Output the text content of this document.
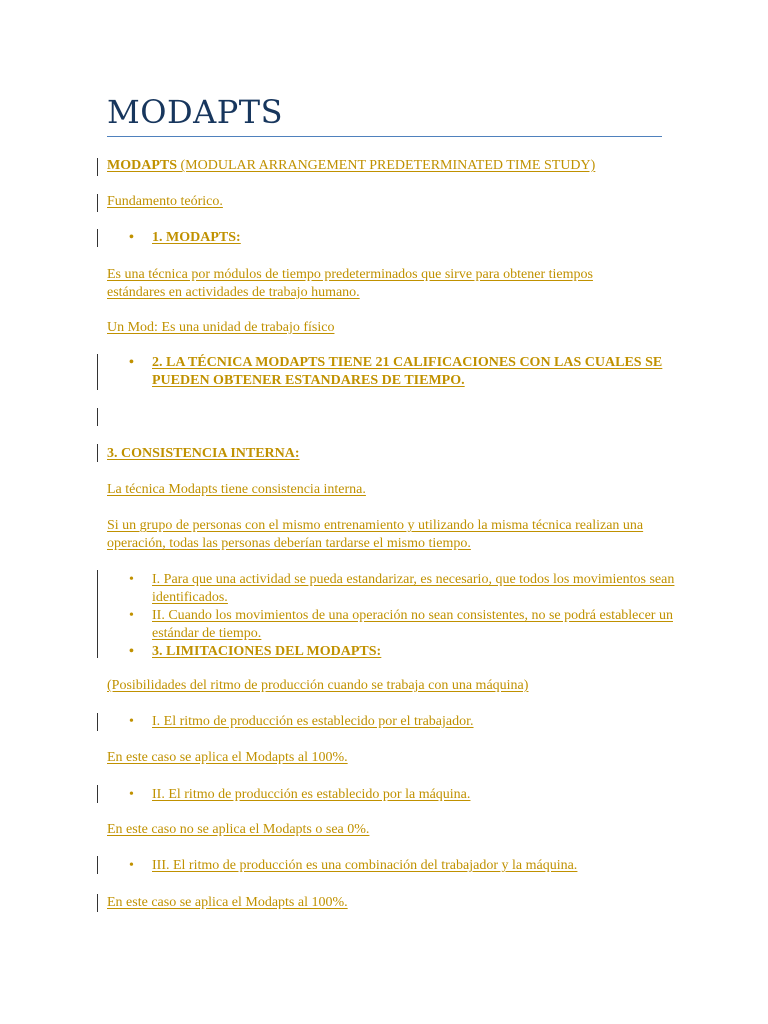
MODAPTS
MODAPTS (MODULAR ARRANGEMENT PREDETERMINATED TIME STUDY)
Fundamento teórico.
• 1. MODAPTS:
Es una técnica por módulos de tiempo predeterminados que sirve para obtener tiempos estándares en actividades de trabajo humano.
Un Mod: Es una unidad de trabajo físico
• 2. LA TÉCNICA MODAPTS TIENE 21 CALIFICACIONES CON LAS CUALES SE PUEDEN OBTENER ESTANDARES DE TIEMPO.
3. CONSISTENCIA INTERNA:
La técnica Modapts tiene consistencia interna.
Si un grupo de personas con el mismo entrenamiento y utilizando la misma técnica realizan una operación, todas las personas deberían tardarse el mismo tiempo.
• I. Para que una actividad se pueda estandarizar, es necesario, que todos los movimientos sean identificados.
• II. Cuando los movimientos de una operación no sean consistentes, no se podrá establecer un estándar de tiempo.
• 3. LIMITACIONES DEL MODAPTS:
(Posibilidades del ritmo de producción cuando se trabaja con una máquina)
• I. El ritmo de producción es establecido por el trabajador.
En este caso se aplica el Modapts al 100%.
• II. El ritmo de producción es establecido por la máquina.
En este caso no se aplica el Modapts o sea 0%.
• III. El ritmo de producción es una combinación del trabajador y la máquina.
En este caso se aplica el Modapts al 100%.
